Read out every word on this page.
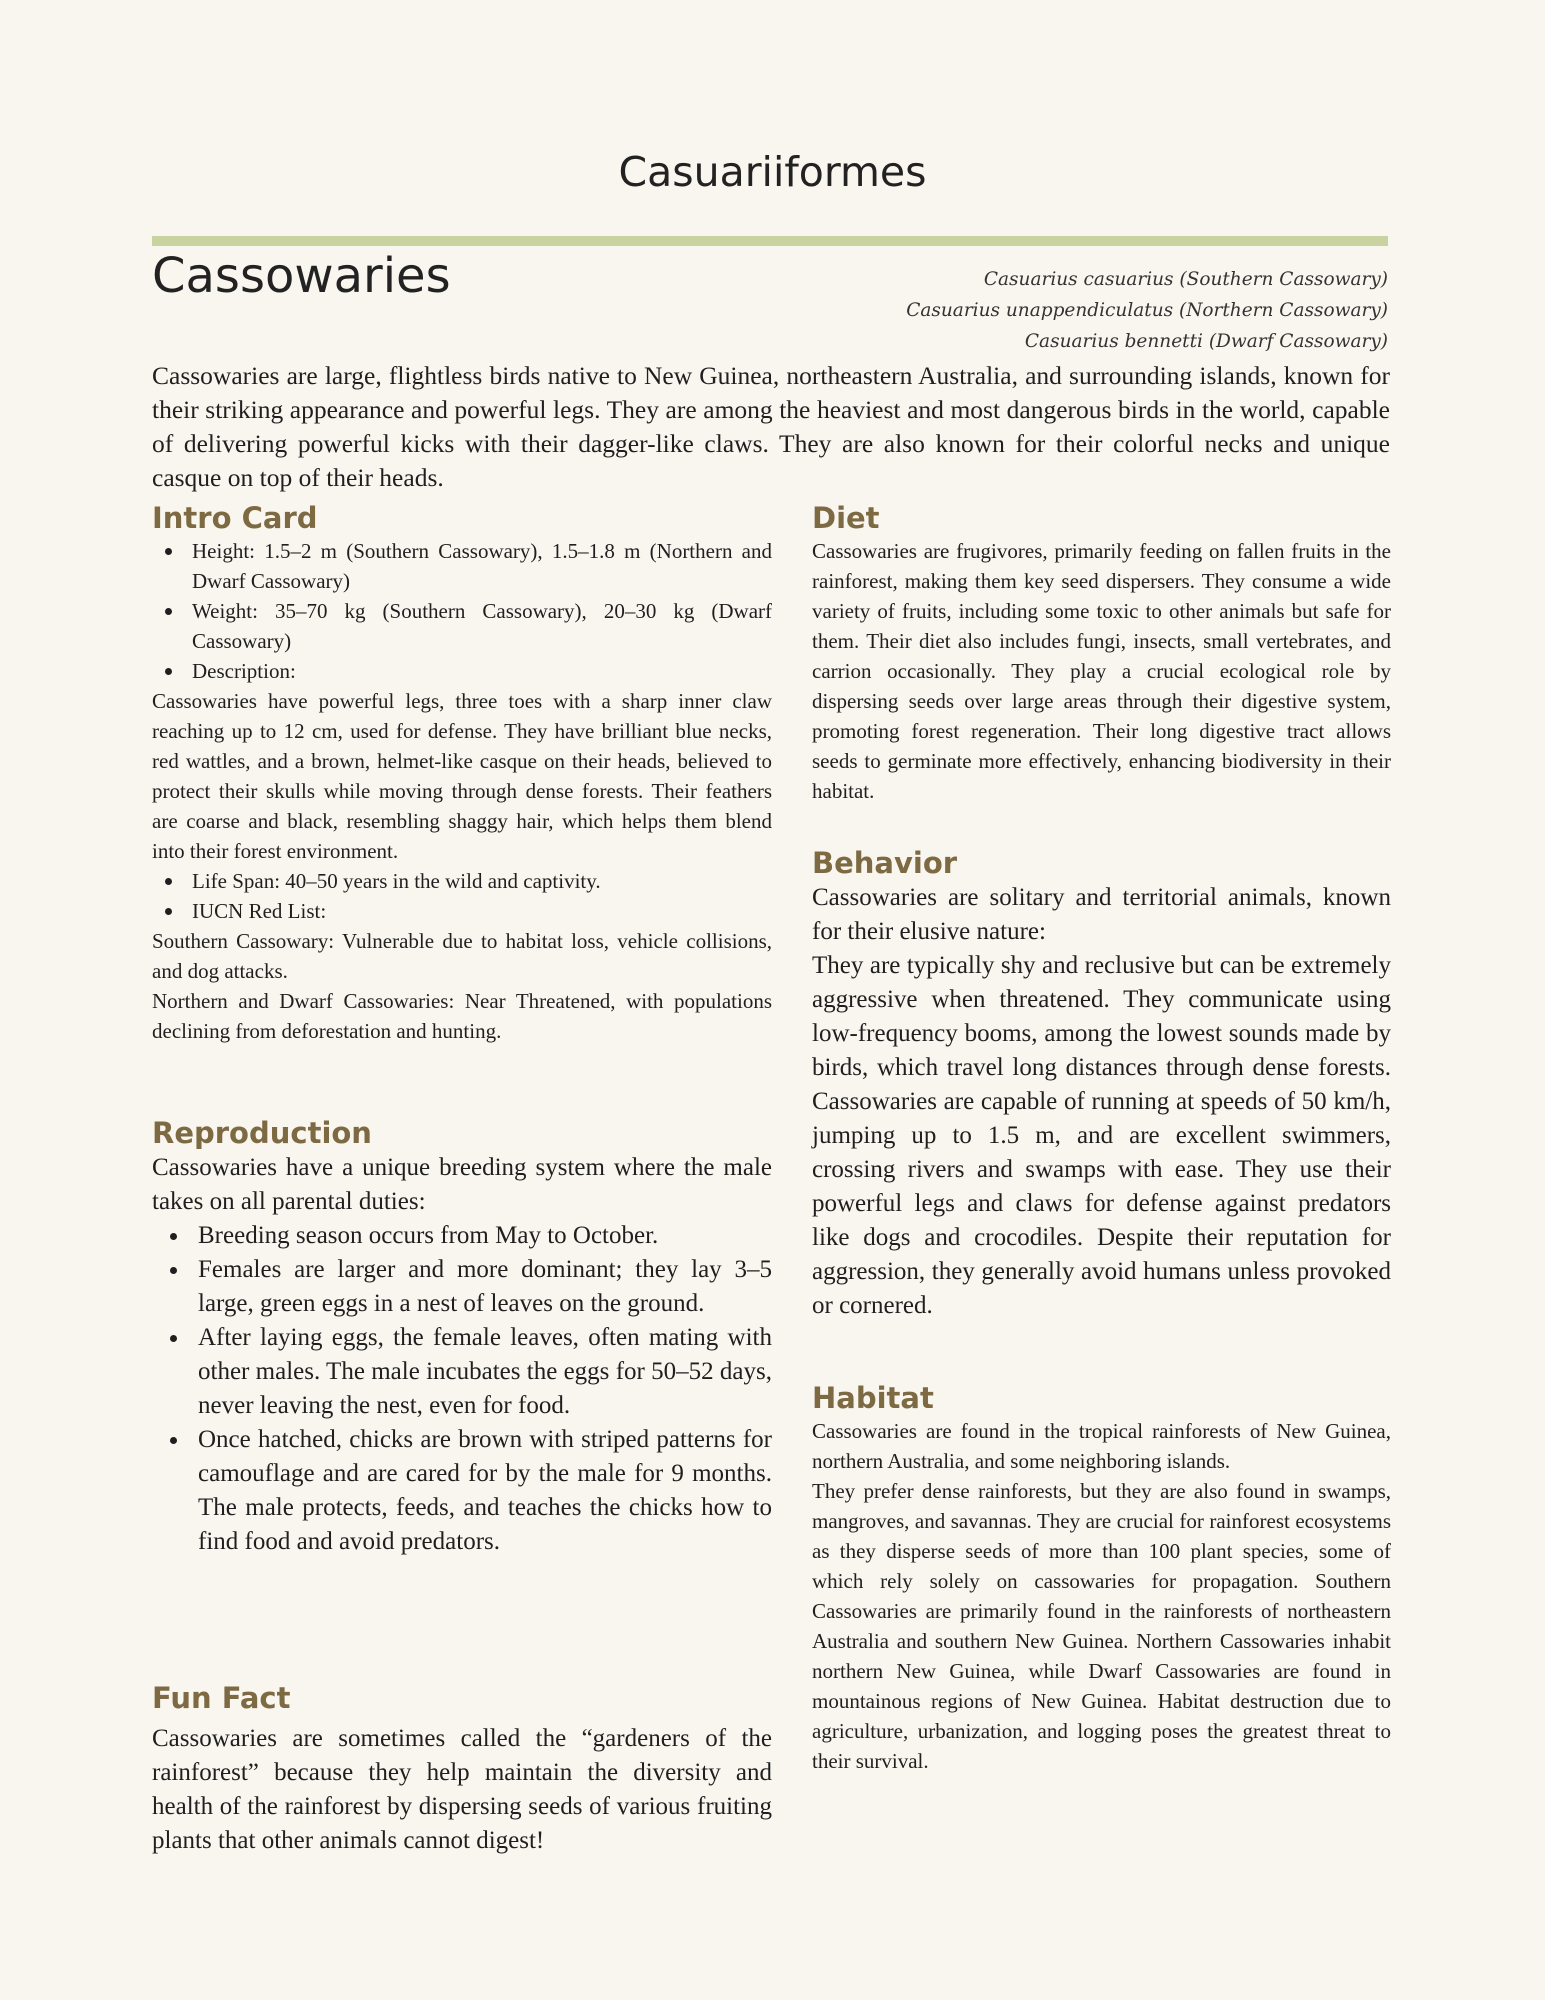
Casuariiformes
Cassowaries	Casuarius casuarius (Southern Cassowary)
Casuarius unappendiculatus (Northern Cassowary)
Casuarius bennetti (Dwarf Cassowary)

Cassowaries are large, flightless birds native to New Guinea, northeastern Australia, and surrounding islands, known for their striking appearance and powerful legs. They are among the heaviest and most dangerous birds in the world, capable of delivering powerful kicks with their dagger-like claws. They are also known for their colorful necks and unique casque on top of their heads.

Intro Card
Height: 1.5–2 m (Southern Cassowary), 1.5–1.8 m (Northern and Dwarf Cassowary)
Weight: 35–70 kg (Southern Cassowary), 20–30 kg (Dwarf Cassowary)
Description:

Cassowaries have powerful legs, three toes with a sharp inner claw reaching up to 12 cm, used for defense. They have brilliant blue necks, red wattles, and a brown, helmet-like casque on their heads, believed to protect their skulls while moving through dense forests. Their feathers are coarse and black, resembling shaggy hair, which helps them blend into their forest environment.

Life Span: 40–50 years in the wild and captivity.
IUCN Red List:

Southern Cassowary: Vulnerable due to habitat loss, vehicle collisions, and dog attacks.

Northern and Dwarf Cassowaries: Near Threatened, with populations declining from deforestation and hunting.

Reproduction

Cassowaries have a unique breeding system where the male takes on all parental duties:

Breeding season occurs from May to October.
Females are larger and more dominant; they lay 3–5 large, green eggs in a nest of leaves on the ground.
After laying eggs, the female leaves, often mating with other males. The male incubates the eggs for 50–52 days, never leaving the nest, even for food.
Once hatched, chicks are brown with striped patterns for camouflage and are cared for by the male for 9 months. The male protects, feeds, and teaches the chicks how to find food and avoid predators.
Fun Fact

Cassowaries are sometimes called the “gardeners of the rainforest” because they help maintain the diversity and health of the rainforest by dispersing seeds of various fruiting plants that other animals cannot digest!

Diet

Cassowaries are frugivores, primarily feeding on fallen fruits in the rainforest, making them key seed dispersers. They consume a wide variety of fruits, including some toxic to other animals but safe for them. Their diet also includes fungi, insects, small vertebrates, and carrion occasionally. They play a crucial ecological role by dispersing seeds over large areas through their digestive system, promoting forest regeneration. Their long digestive tract allows seeds to germinate more effectively, enhancing biodiversity in their habitat.

Behavior

Cassowaries are solitary and territorial animals, known for their elusive nature:

They are typically shy and reclusive but can be extremely aggressive when threatened. They communicate using low-frequency booms, among the lowest sounds made by birds, which travel long distances through dense forests. Cassowaries are capable of running at speeds of 50 km/h, jumping up to 1.5 m, and are excellent swimmers, crossing rivers and swamps with ease. They use their powerful legs and claws for defense against predators like dogs and crocodiles. Despite their reputation for aggression, they generally avoid humans unless provoked or cornered.

Habitat

Cassowaries are found in the tropical rainforests of New Guinea, northern Australia, and some neighboring islands.

They prefer dense rainforests, but they are also found in swamps, mangroves, and savannas. They are crucial for rainforest ecosystems as they disperse seeds of more than 100 plant species, some of which rely solely on cassowaries for propagation. Southern Cassowaries are primarily found in the rainforests of northeastern Australia and southern New Guinea. Northern Cassowaries inhabit northern New Guinea, while Dwarf Cassowaries are found in mountainous regions of New Guinea. Habitat destruction due to agriculture, urbanization, and logging poses the greatest threat to their survival.
